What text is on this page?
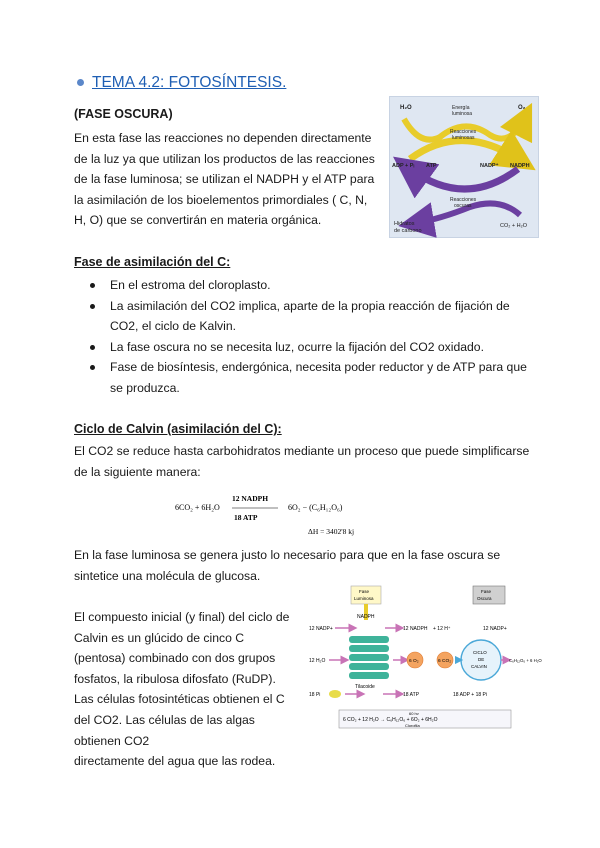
TEMA 4.2: FOTOSÍNTESIS.
(FASE OSCURA)
En esta fase las reacciones no dependen directamente
de la luz ya que utilizan los productos de las reacciones
de la fase luminosa; se utilizan el NADPH y el ATP para
la asimilación de los bioelementos primordiales ( C, N,
H, O) que se convertirán en materia orgánica.
H₂O	O₂
Energía
luminosa
Reacciones
luminosas
ADP + Pᵢ ATP	NADP⁺ NADPH
Reacciones
oscuras
Hidratos
de carbono
CO₂ + H₂O
Fase de asimilación del C:
En el estroma del cloroplasto.
La asimilación del CO2 implica, aparte de la propia reacción de fijación de
CO2, el ciclo de Kalvin.
La fase oscura no se necesita luz, ocurre la fijación del CO2 oxidado.
Fase de biosíntesis, endergónica, necesita poder reductor y de ATP para que
se produzca.
Ciclo de Calvin (asimilación del C):
El CO2 se reduce hasta carbohidratos mediante un proceso que puede simplificarse
de la siguiente manera:
6CO₂ + 6H₂O
12 NADPH
18 ATP
6O₂ − (C₆H₁₂O₆)
ΔH = 3402'8 kj
En la fase luminosa se genera justo lo necesario para que en la fase oscura se
sintetice una molécula de glucosa.
El compuesto inicial (y final) del ciclo de
Calvin es un glúcido de cinco C
(pentosa) combinado con dos grupos
fosfatos, la ribulosa difosfato (RuDP).
Las células fotosintéticas obtienen el C
del CO2. Las células de las algas
obtienen CO2
directamente del agua que las rodea.
Fase
Luminosa
Fase
Oscura
NADPH
12 NADP+	12 NADPH + 12 H⁺	12 NADP+
Tilacoide
12 H₂O	6 O₂	6 CO₂
CICLO
DE
CALVIN
C₆H₁₂O₆ + 6 H₂O
18 Pi	18 ATP	18 ADP + 18 Pi
60 hν
6 CO₂ + 12 H₂O → C₆H₁₂O₆ + 6O₂ + 6H₂O
Clorofila
